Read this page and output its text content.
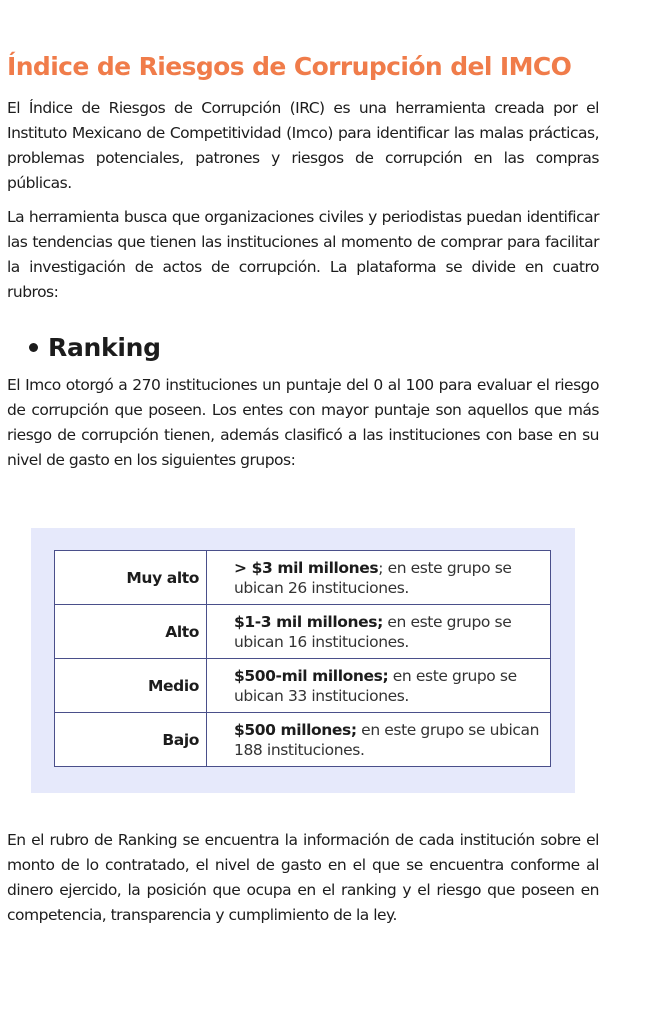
Índice de Riesgos de Corrupción del IMCO

El Índice de Riesgos de Corrupción (IRC) es una herramienta creada por el Instituto Mexicano de Competitividad (Imco) para identificar las malas prácticas, problemas potenciales, patrones y riesgos de corrupción en las compras públicas.

La herramienta busca que organizaciones civiles y periodistas puedan identificar las tendencias que tienen las instituciones al momento de comprar para facilitar la investigación de actos de corrupción. La plataforma se divide en cuatro rubros:

Ranking

El Imco otorgó a 270 instituciones un puntaje del 0 al 100 para evaluar el riesgo de corrupción que poseen. Los entes con mayor puntaje son aquellos que más riesgo de corrupción tienen, además clasificó a las instituciones con base en su nivel de gasto en los siguientes grupos:

Muy alto	> $3 mil millones; en este grupo se ubican 26 instituciones.
Alto	$1-3 mil millones; en este grupo se ubican 16 instituciones.
Medio	$500-mil millones; en este grupo se ubican 33 instituciones.
Bajo	$500 millones; en este grupo se ubican 188 instituciones.

En el rubro de Ranking se encuentra la información de cada institución sobre el monto de lo contratado, el nivel de gasto en el que se encuentra conforme al dinero ejercido, la posición que ocupa en el ranking y el riesgo que poseen en competencia, transparencia y cumplimiento de la ley.
